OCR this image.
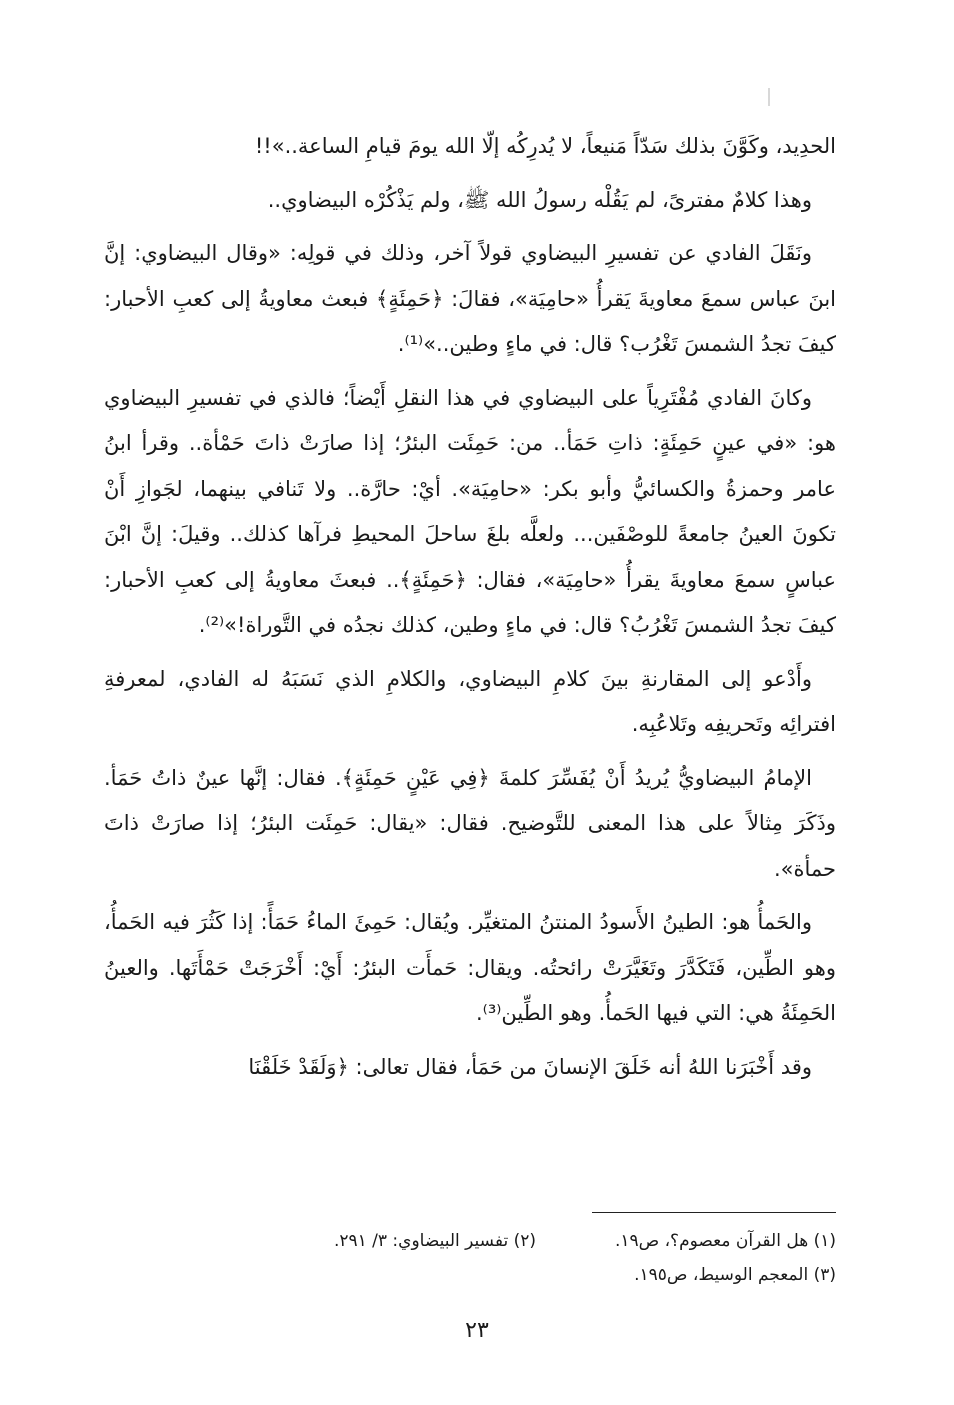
الحدِيد، وكَوَّنَ بذلك سَدّاً مَنيعاً، لا يُدرِكُه إلّا الله يومَ قيامِ الساعة..»!!

وهذا كلامٌ مفترىً، لم يَقُلْه رسولُ الله ﷺ، ولم يَذْكُرْه البيضاوي..

ونَقَلَ الفادي عن تفسيرِ البيضاوي قولاً آخر، وذلك في قولِه: «وقال البيضاوي: إنَّ ابنَ عباس سمعَ معاويةَ يَقرأُ «حامِيَة»، فقالَ: ﴿حَمِئَةٍ﴾ فبعث معاويةُ إلى كعبِ الأحبار: كيفَ تجدُ الشمسَ تَغْرُب؟ قال: في ماءٍ وطين..»⁽¹⁾.

وكانَ الفادي مُفْتَرِياً على البيضاوي في هذا النقلِ أَيْضاً؛ فالذي في تفسيرِ البيضاوي هو: «في عينٍ حَمِئَةٍ: ذاتِ حَمَأ.. من: حَمِئَت البئرُ؛ إذا صارَتْ ذاتَ حَمْأة.. وقرأ ابنُ عامر وحمزةُ والكسائيُّ وأبو بكر: «حامِيَة». أيْ: حارَّة.. ولا تَنافي بينهما، لجَوازِ أَنْ تكونَ العينُ جامعةً للوصْفَين... ولعلَّه بلغَ ساحلَ المحيطِ فرآها كذلك.. وقيلَ: إنَّ ابْنَ عباسٍ سمعَ معاويةَ يقرأُ «حامِيَة»، فقال: ﴿حَمِئَةٍ﴾.. فبعثَ معاويةُ إلى كعبِ الأحبار: كيفَ تجدُ الشمسَ تَغْرُبُ؟ قال: في ماءٍ وطين، كذلك نجدُه في التَّوراة!»⁽²⁾.

وأَدْعو إلى المقارنةِ بينَ كلامِ البيضاوي، والكلامِ الذي نَسَبَهُ له الفادي، لمعرفةِ افترائِه وتَحريفِه وتَلاعُبِه.

الإمامُ البيضاويُّ يُريدُ أَنْ يُفَسِّرَ كلمةَ ﴿فِي عَيْنٍ حَمِئَةٍ﴾. فقال: إنَّها عينٌ ذاتُ حَمَأ. وذَكَرَ مِثالاً على هذا المعنى للتَّوضيح. فقال: «يقال: حَمِئَت البئرُ؛ إذا صارَتْ ذاتَ حمأة».

والحَمأُ هو: الطينُ الأَسودُ المنتنُ المتغيِّر. ويُقال: حَمِئَ الماءُ حَمَأً: إذا كَثُرَ فيه الحَمأُ، وهو الطِّين، فَتَكَدَّرَ وتَغَيَّرَتْ رائحتُه. ويقال: حَمأَت البئرُ: أَيْ: أَخْرَجَتْ حَمْأَتَها. والعينُ الحَمِئَةُ هي: التي فيها الحَمأُ. وهو الطِّين⁽³⁾.

وقد أَخْبَرَنا اللهُ أنه خَلَقَ الإنسانَ من حَمَأ، فقال تعالى: ﴿وَلَقَدْ خَلَقْنَا

(١) هل القرآن معصوم؟، ص١٩.
(٢) تفسير البيضاوي: ٣/ ٢٩١.
(٣) المعجم الوسيط، ص١٩٥.
٢٣
